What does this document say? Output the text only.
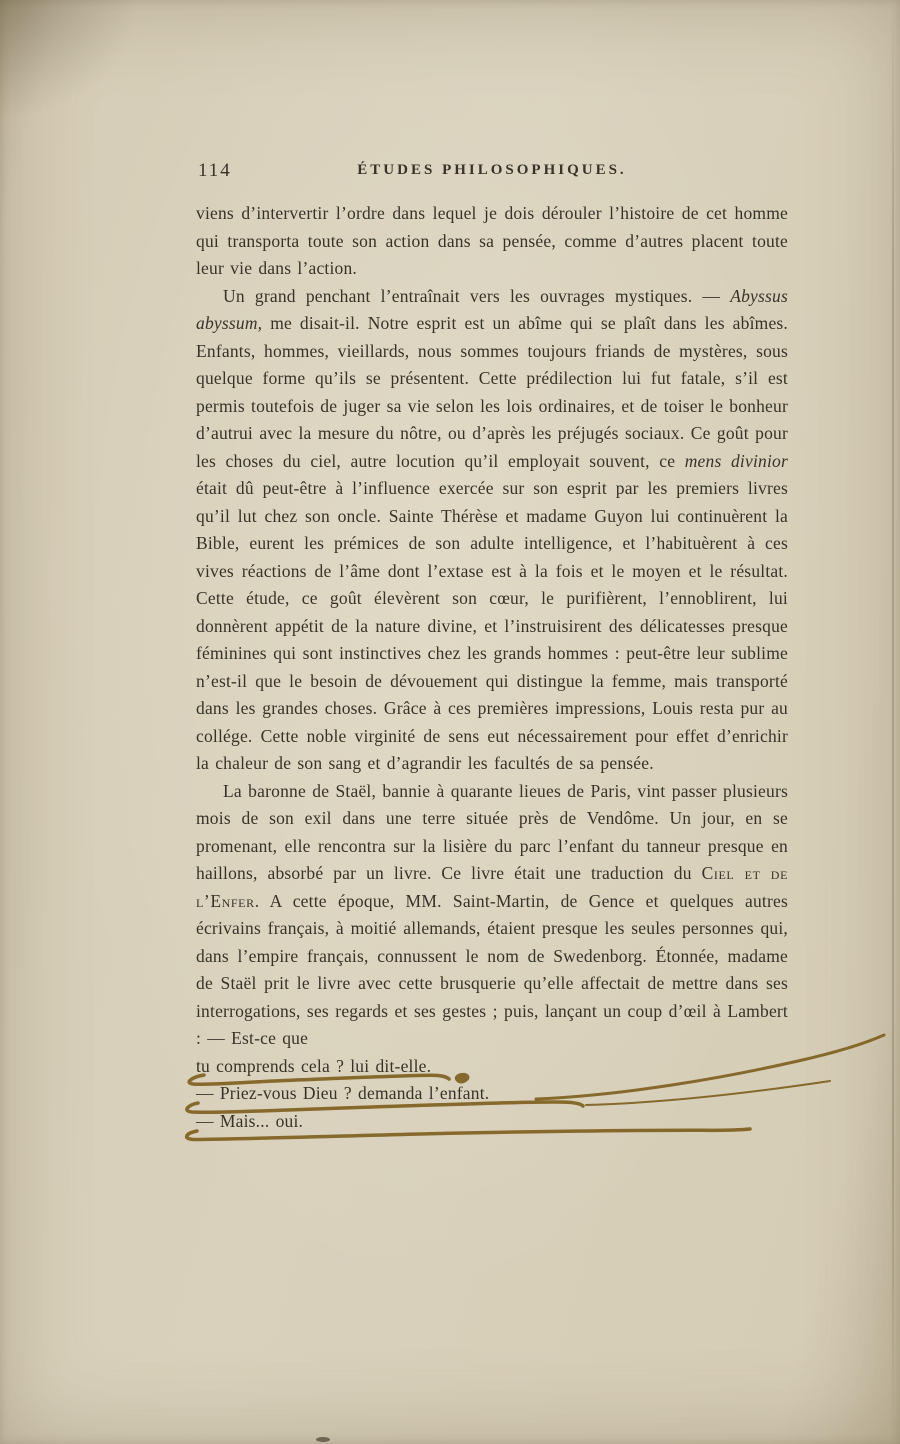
114	ÉTUDES PHILOSOPHIQUES.

viens d’intervertir l’ordre dans lequel je dois dérouler l’histoire de cet homme qui transporta toute son action dans sa pensée, comme d’autres placent toute leur vie dans l’action.

Un grand penchant l’entraînait vers les ouvrages mystiques. — Abyssus abyssum, me disait-il. Notre esprit est un abîme qui se plaît dans les abîmes. Enfants, hommes, vieillards, nous sommes toujours friands de mystères, sous quelque forme qu’ils se présentent. Cette prédilection lui fut fatale, s’il est permis toutefois de juger sa vie selon les lois ordinaires, et de toiser le bonheur d’autrui avec la mesure du nôtre, ou d’après les préjugés sociaux. Ce goût pour les choses du ciel, autre locution qu’il employait souvent, ce mens divinior était dû peut-être à l’influence exercée sur son esprit par les premiers livres qu’il lut chez son oncle. Sainte Thérèse et madame Guyon lui continuèrent la Bible, eurent les prémices de son adulte intelligence, et l’habituèrent à ces vives réactions de l’âme dont l’extase est à la fois et le moyen et le résultat. Cette étude, ce goût élevèrent son cœur, le purifièrent, l’ennoblirent, lui donnèrent appétit de la nature divine, et l’instruisirent des délicatesses presque féminines qui sont instinctives chez les grands hommes : peut-être leur sublime n’est-il que le besoin de dévouement qui distingue la femme, mais transporté dans les grandes choses. Grâce à ces premières impressions, Louis resta pur au collége. Cette noble virginité de sens eut nécessairement pour effet d’enrichir la chaleur de son sang et d’agrandir les facultés de sa pensée.

La baronne de Staël, bannie à quarante lieues de Paris, vint passer plusieurs mois de son exil dans une terre située près de Vendôme. Un jour, en se promenant, elle rencontra sur la lisière du parc l’enfant du tanneur presque en haillons, absorbé par un livre. Ce livre était une traduction du Ciel et de l’Enfer. A cette époque, MM. Saint-Martin, de Gence et quelques autres écrivains français, à moitié allemands, étaient presque les seules personnes qui, dans l’empire français, connussent le nom de Swedenborg. Étonnée, madame de Staël prit le livre avec cette brusquerie qu’elle affectait de mettre dans ses interrogations, ses regards et ses gestes ; puis, lançant un coup d’œil à Lambert : — Est-ce que

tu comprends cela ? lui dit-elle.

— Priez-vous Dieu ? demanda l’enfant.

— Mais... oui.
